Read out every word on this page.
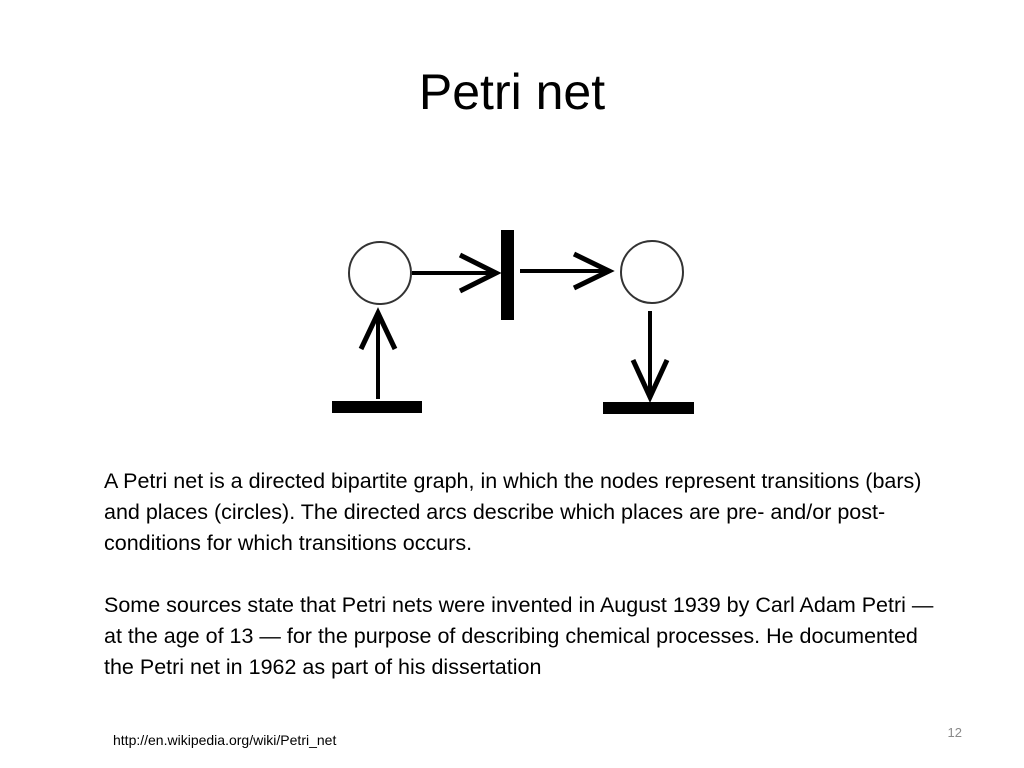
Petri net

A Petri net is a directed bipartite graph, in which the nodes represent transitions (bars) and places (circles). The directed arcs describe which places are pre- and/or post-conditions for which transitions occurs.

Some sources state that Petri nets were invented in August 1939 by Carl Adam Petri — at the age of 13 — for the purpose of describing chemical processes. He documented the Petri net in 1962 as part of his dissertation

http://en.wikipedia.org/wiki/Petri_net	12
